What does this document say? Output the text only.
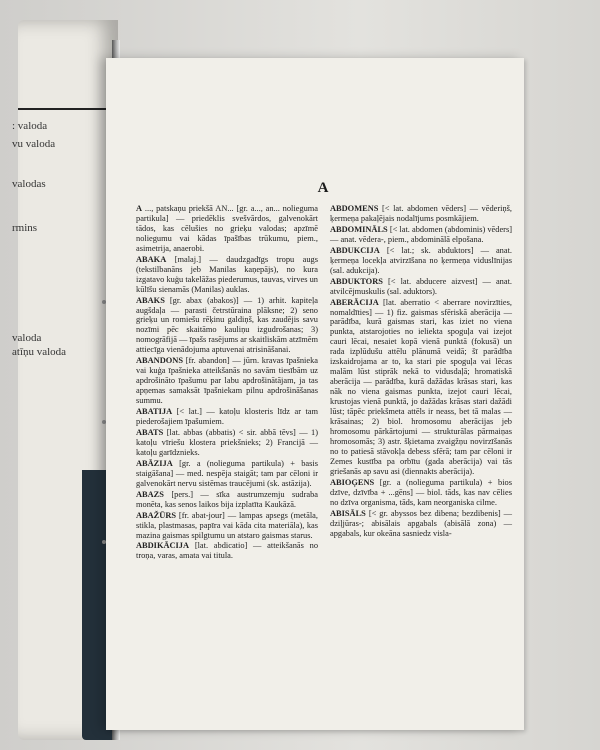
: valoda
vu valoda
valodas
rmins
valoda
atīņu valoda
A

A ..., patskaņu priekšā AN... [gr. a..., an... nolieguma partikula] — priedēklis svešvārdos, galvenokārt tādos, kas cēlušies no grieķu valodas; apzīmē noliegumu vai kādas īpašības trūkumu, piem., asimetrija, anaerobi.

ABAKA [malaj.] — daudzgadīgs tropu augs (tekstilbanāns jeb Manilas kaņepājs), no kura izgatavo kuģu takelāžas piederumus, tauvas, virves un kūlīšu sienamās (Manilas) auklas.

ABAKS [gr. abax (abakos)] — 1) arhit. kapiteļa augšdaļa — parasti četrstūraina plāksne; 2) seno grieķu un romiešu rēķinu galdiņš, kas zaudējis savu nozīmi pēc skaitāmo kauliņu izgudrošanas; 3) nomogrāfijā — īpašs rasējums ar skaitliskām atzīmēm attiecīga vienādojuma aptuvenai atrisināšanai.

ABANDONS [fr. abandon] — jūrn. kravas īpašnieka vai kuģa īpašnieka atteikšanās no savām tiesībām uz apdrošināto īpašumu par labu apdrošinātājam, ja tas apņemas samaksāt īpašniekam pilnu apdrošināšanas summu.

ABATIJA [< lat.] — katoļu klosteris līdz ar tam piederošajiem īpašumiem.

ABATS [lat. abbas (abbatis) < sir. abbā tēvs] — 1) katoļu vīriešu klostera priekšnieks; 2) Francijā — katoļu garīdznieks.

ABĀZIJA [gr. a (nolieguma partikula) + basis staigāšana] — med. nespēja staigāt; tam par cēloni ir galvenokārt nervu sistēmas traucējumi (sk. astāzija).

ABAZS [pers.] — sīka austrumzemju sudraba monēta, kas senos laikos bija izplatīta Kaukāzā.

ABAŽŪRS [fr. abat-jour] — lampas apsegs (metāla, stikla, plastmasas, papīra vai kāda cita materiāla), kas mazina gaismas spilgtumu un atstaro gaismas starus.

ABDIKĀCIJA [lat. abdicatio] — atteikšanās no troņa, varas, amata vai titula.

ABDOMENS [< lat. abdomen vēders] — vēderiņš, ķermeņa pakaļējais nodalījums posmkājiem.

ABDOMINĀLS [< lat. abdomen (abdominis) vēders] — anat. vēdera-, piem., abdominālā elpošana.

ABDUKCIJA [< lat.; sk. abduktors] — anat. ķermeņa locekļa atvirzīšana no ķermeņa viduslīnijas (sal. adukcija).

ABDUKTORS [< lat. abducere aizvest] — anat. atvilcējmuskulis (sal. aduktors).

ABERĀCIJA [lat. aberratio < aberrare novirzīties, nomaldīties] — 1) fiz. gaismas sfēriskā aberācija — parādība, kurā gaismas stari, kas iziet no viena punkta, atstarojoties no ieliekta spoguļa vai izejot cauri lēcai, nesaiet kopā vienā punktā (fokusā) un rada izplūdušu attēlu plānumā veidā; šī parādība izskaidrojama ar to, ka stari pie spoguļa vai lēcas malām lūst stiprāk nekā to vidusdaļā; hromatiskā aberācija — parādība, kurā dažādas krāsas stari, kas nāk no viena gaismas punkta, izejot cauri lēcai, krustojas vienā punktā, jo dažādas krāsas stari dažādi lūst; tāpēc priekšmeta attēls ir neass, bet tā malas — krāsainas; 2) biol. hromosomu aberācijas jeb hromosomu pārkārtojumi — strukturālas pārmaiņas hromosomās; 3) astr. šķietama zvaigžņu novirzīšanās no to patiesā stāvokļa debess sfērā; tam par cēloni ir Zemes kustība pa orbītu (gada aberācija) vai tās griešanās ap savu asi (diennakts aberācija).

ABIOĢENS [gr. a (nolieguma partikula) + bios dzīve, dzīvība + ...gēns] — biol. tāds, kas nav cēlies no dzīva organisma, tāds, kam neorganiska cilme.

ABISĀLS [< gr. abyssos bez dibena; bezdibenis] — dziļjūras-; abisālais apgabals (abisālā zona) — apgabals, kur okeāna sasniedz visla-
